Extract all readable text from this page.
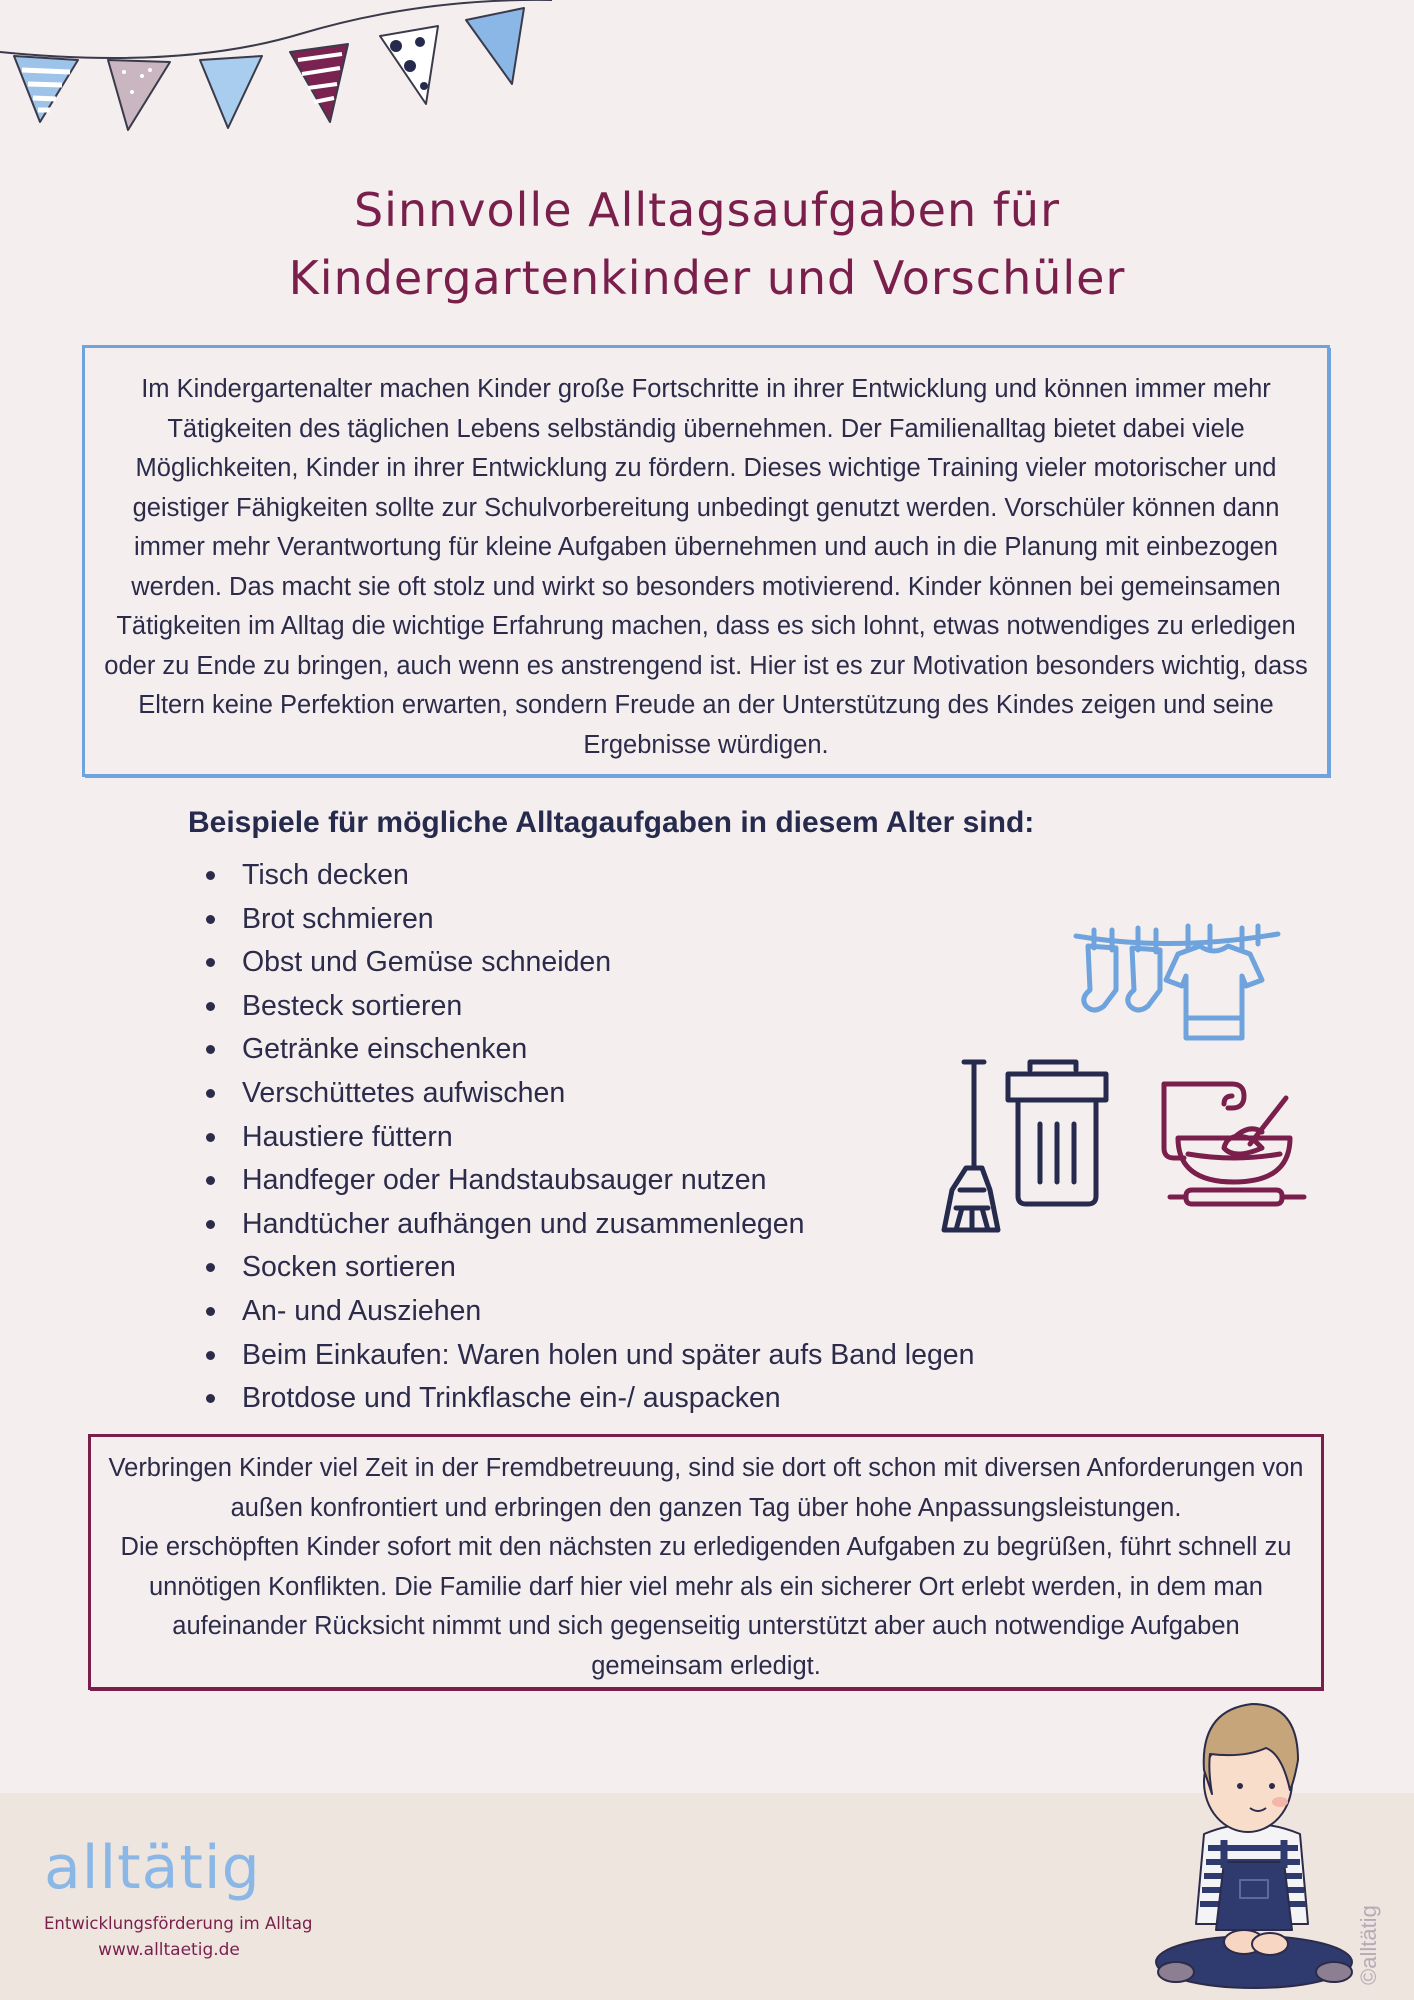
Sinnvolle Alltagsaufgaben für
Kindergartenkinder und Vorschüler

Im Kindergartenalter machen Kinder große Fortschritte in ihrer Entwicklung und können immer mehr Tätigkeiten des täglichen Lebens selbständig übernehmen. Der Familienalltag bietet dabei viele Möglichkeiten, Kinder in ihrer Entwicklung zu fördern. Dieses wichtige Training vieler motorischer und geistiger Fähigkeiten sollte zur Schulvorbereitung unbedingt genutzt werden. Vorschüler können dann immer mehr Verantwortung für kleine Aufgaben übernehmen und auch in die Planung mit einbezogen werden. Das macht sie oft stolz und wirkt so besonders motivierend. Kinder können bei gemeinsamen Tätigkeiten im Alltag die wichtige Erfahrung machen, dass es sich lohnt, etwas notwendiges zu erledigen oder zu Ende zu bringen, auch wenn es anstrengend ist. Hier ist es zur Motivation besonders wichtig, dass Eltern keine Perfektion erwarten, sondern Freude an der Unterstützung des Kindes zeigen und seine Ergebnisse würdigen.

Beispiele für mögliche Alltagaufgaben in diesem Alter sind:
Tisch decken
Brot schmieren
Obst und Gemüse schneiden
Besteck sortieren
Getränke einschenken
Verschüttetes aufwischen
Haustiere füttern
Handfeger oder Handstaubsauger nutzen
Handtücher aufhängen und zusammenlegen
Socken sortieren
An- und Ausziehen
Beim Einkaufen: Waren holen und später aufs Band legen
Brotdose und Trinkflasche ein-/ auspacken

Verbringen Kinder viel Zeit in der Fremdbetreuung, sind sie dort oft schon mit diversen Anforderungen von außen konfrontiert und erbringen den ganzen Tag über hohe Anpassungsleistungen.

Die erschöpften Kinder sofort mit den nächsten zu erledigenden Aufgaben zu begrüßen, führt schnell zu unnötigen Konflikten. Die Familie darf hier viel mehr als ein sicherer Ort erlebt werden, in dem man aufeinander Rücksicht nimmt und sich gegenseitig unterstützt aber auch notwendige Aufgaben gemeinsam erledigt.

alltätig
Entwicklungsförderung im Alltag
www.alltaetig.de	©alltätig
